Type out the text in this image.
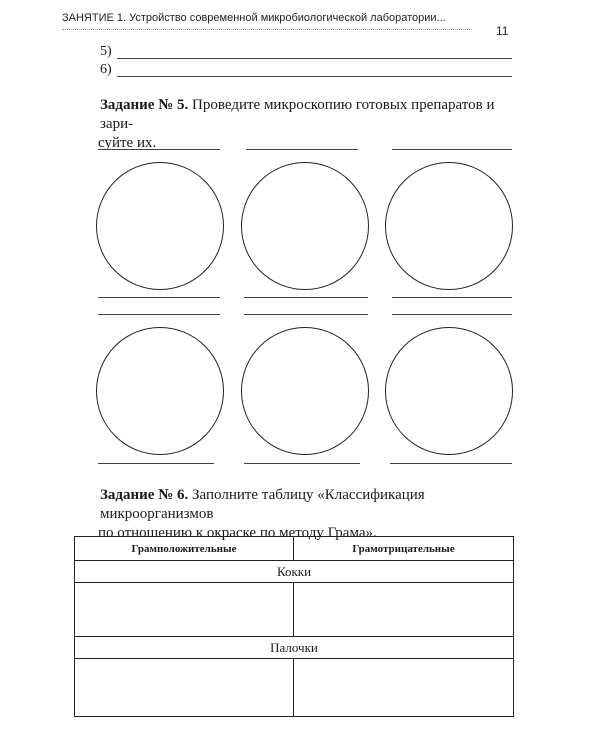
ЗАНЯТИЕ 1. Устройство современной микробиологической лаборатории...
11
5)
6)
Задание № 5. Проведите микроскопию готовых препаратов и зари-
суйте их.
Задание № 6. Заполните таблицу «Классификация микроорганизмов
по отношению к окраске по методу Грама».
Грамположительные	Грамотрицательные
Кокки	

Палочки	
